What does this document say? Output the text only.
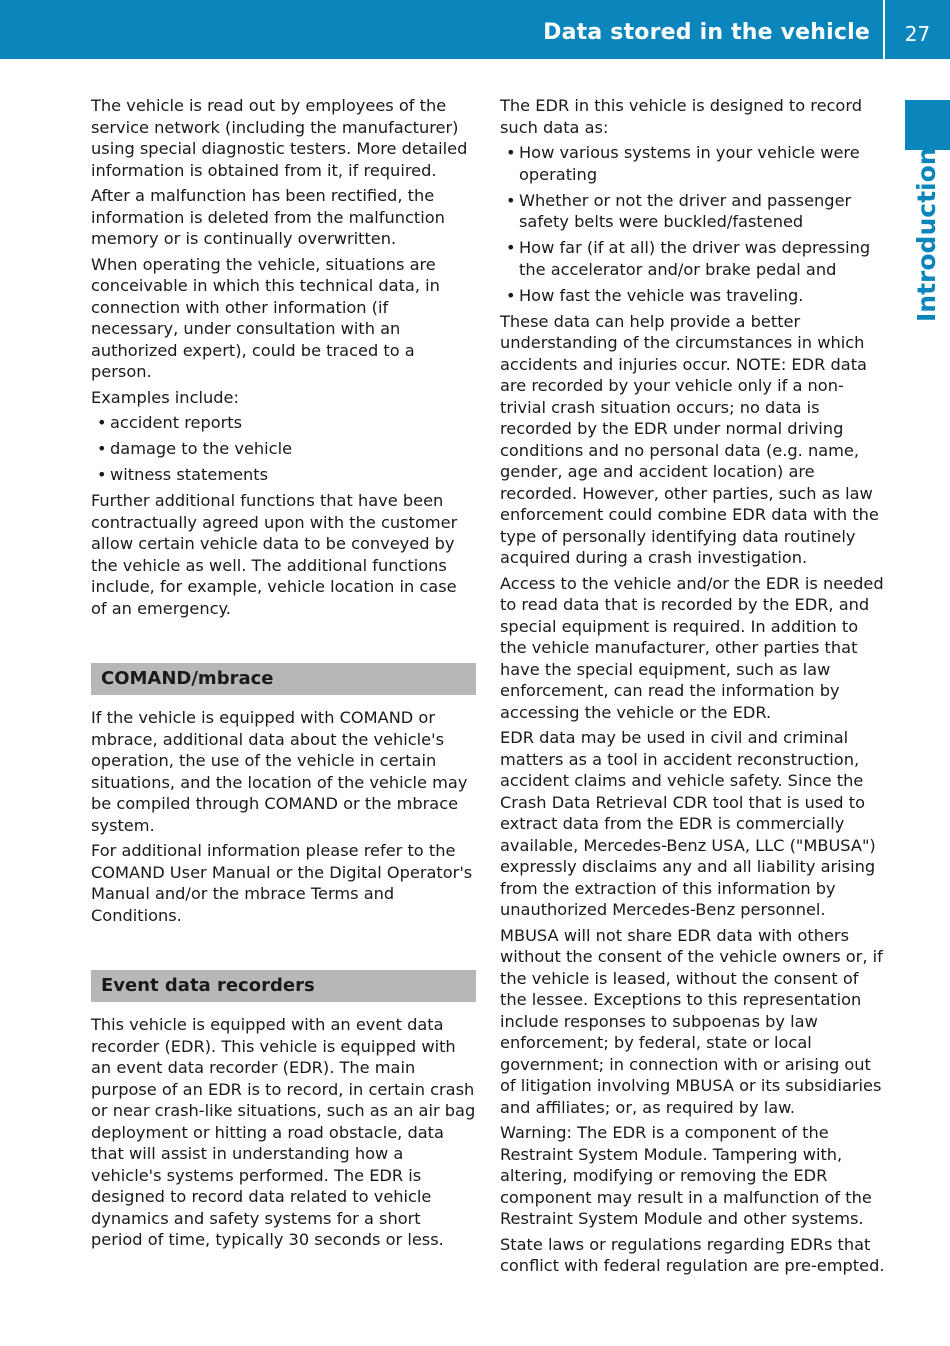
Data stored in the vehicle	27
Introduction

The vehicle is read out by employees of the service network (including the manufacturer) using special diagnostic testers. More detailed information is obtained from it, if required.

After a malfunction has been rectified, the information is deleted from the malfunction memory or is continually overwritten.

When operating the vehicle, situations are conceivable in which this technical data, in connection with other information (if necessary, under consultation with an authorized expert), could be traced to a person.

Examples include:

• accident reports
• damage to the vehicle
• witness statements

Further additional functions that have been contractually agreed upon with the customer allow certain vehicle data to be conveyed by the vehicle as well. The additional functions include, for example, vehicle location in case of an emergency.

COMAND/mbrace

If the vehicle is equipped with COMAND or mbrace, additional data about the vehicle's operation, the use of the vehicle in certain situations, and the location of the vehicle may be compiled through COMAND or the mbrace system.

For additional information please refer to the COMAND User Manual or the Digital Operator's Manual and/or the mbrace Terms and Conditions.

Event data recorders

This vehicle is equipped with an event data recorder (EDR). This vehicle is equipped with an event data recorder (EDR). The main purpose of an EDR is to record, in certain crash or near crash-like situations, such as an air bag deployment or hitting a road obstacle, data that will assist in understanding how a vehicle's systems performed. The EDR is designed to record data related to vehicle dynamics and safety systems for a short period of time, typically 30 seconds or less.

The EDR in this vehicle is designed to record such data as:

• How various systems in your vehicle were operating
• Whether or not the driver and passenger safety belts were buckled/fastened
• How far (if at all) the driver was depressing the accelerator and/or brake pedal and
• How fast the vehicle was traveling.

These data can help provide a better understanding of the circumstances in which accidents and injuries occur. NOTE: EDR data are recorded by your vehicle only if a non-trivial crash situation occurs; no data is recorded by the EDR under normal driving conditions and no personal data (e.g. name, gender, age and accident location) are recorded. However, other parties, such as law enforcement could combine EDR data with the type of personally identifying data routinely acquired during a crash investigation.

Access to the vehicle and/or the EDR is needed to read data that is recorded by the EDR, and special equipment is required. In addition to the vehicle manufacturer, other parties that have the special equipment, such as law enforcement, can read the information by accessing the vehicle or the EDR.

EDR data may be used in civil and criminal matters as a tool in accident reconstruction, accident claims and vehicle safety. Since the Crash Data Retrieval CDR tool that is used to extract data from the EDR is commercially available, Mercedes-Benz USA, LLC ("MBUSA") expressly disclaims any and all liability arising from the extraction of this information by unauthorized Mercedes-Benz personnel.

MBUSA will not share EDR data with others without the consent of the vehicle owners or, if the vehicle is leased, without the consent of the lessee. Exceptions to this representation include responses to subpoenas by law enforcement; by federal, state or local government; in connection with or arising out of litigation involving MBUSA or its subsidiaries and affiliates; or, as required by law.

Warning: The EDR is a component of the Restraint System Module. Tampering with, altering, modifying or removing the EDR component may result in a malfunction of the Restraint System Module and other systems.

State laws or regulations regarding EDRs that conflict with federal regulation are pre-empted.
